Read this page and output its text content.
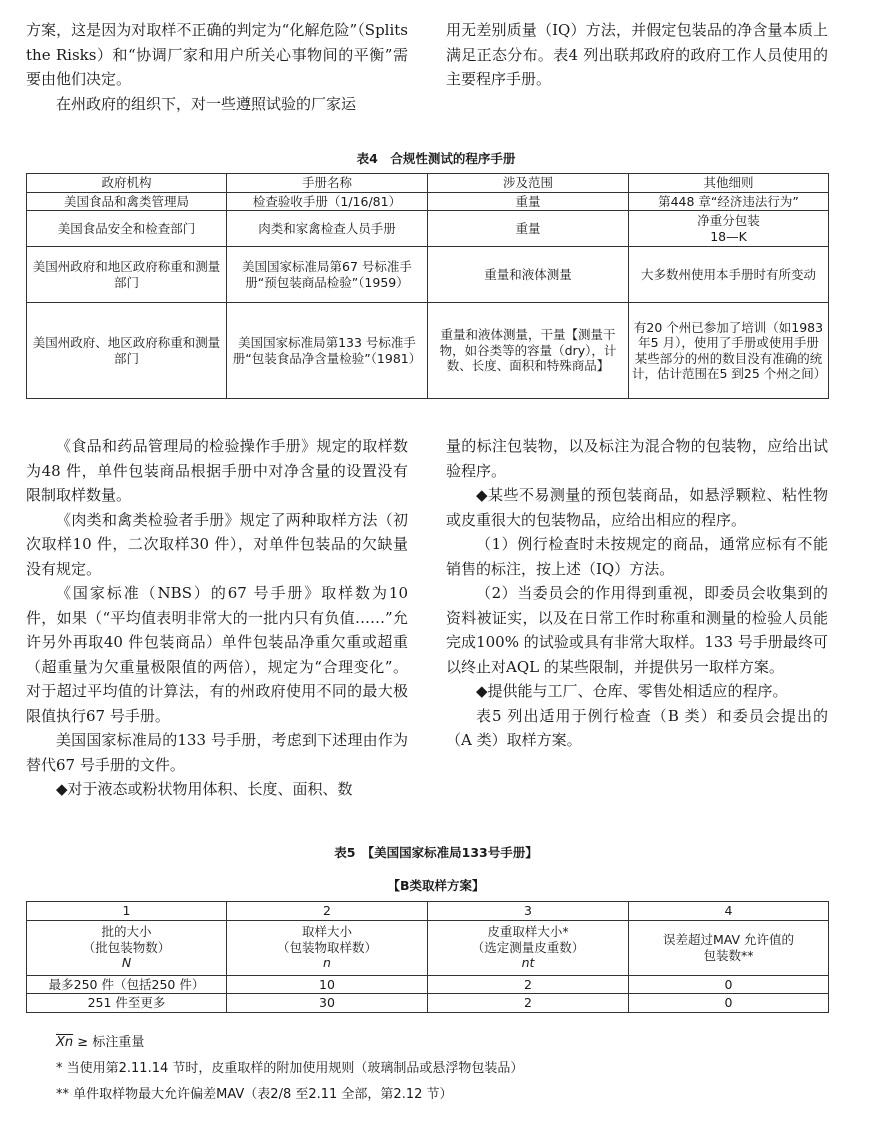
方案，这是因为对取样不正确的判定为“化解危险”（Splits the Risks）和“协调厂家和用户所关心事物间的平衡”需要由他们决定。

在州政府的组织下，对一些遵照试验的厂家运

用无差别质量（IQ）方法，并假定包装品的净含量本质上满足正态分布。表4 列出联邦政府的政府工作人员使用的主要程序手册。

表4　合规性测试的程序手册
政府机构	手册名称	涉及范围	其他细则
美国食品和禽类管理局	检查验收手册（1/16/81）	重量	第448 章“经济违法行为”
美国食品安全和检查部门	肉类和家禽检查人员手册	重量	净重分包装
18—K
美国州政府和地区政府称重和测量部门	美国国家标准局第67 号标准手册“预包装商品检验”（1959）	重量和液体测量	大多数州使用本手册时有所变动
美国州政府、地区政府称重和测量部门	美国国家标准局第133 号标准手册“包装食品净含量检验”（1981）	重量和液体测量，干量【测量干物，如谷类等的容量（dry），计数、长度、面积和特殊商品】	有20 个州已参加了培训（如1983 年5 月），使用了手册或使用手册某些部分的州的数目没有准确的统计，估计范围在5 到25 个州之间）

《食品和药品管理局的检验操作手册》规定的取样数为48 件，单件包装商品根据手册中对净含量的设置没有限制取样数量。

《肉类和禽类检验者手册》规定了两种取样方法（初次取样10 件，二次取样30 件），对单件包装品的欠缺量没有规定。

《国家标准（NBS）的67 号手册》取样数为10 件，如果（“平均值表明非常大的一批内只有负值……”允许另外再取40 件包装商品）单件包装品净重欠重或超重（超重量为欠重量极限值的两倍），规定为“合理变化”。对于超过平均值的计算法，有的州政府使用不同的最大极限值执行67 号手册。

美国国家标准局的133 号手册，考虑到下述理由作为替代67 号手册的文件。

◆对于液态或粉状物用体积、长度、面积、数

量的标注包装物，以及标注为混合物的包装物，应给出试验程序。

◆某些不易测量的预包装商品，如悬浮颗粒、粘性物或皮重很大的包装物品，应给出相应的程序。

（1）例行检查时未按规定的商品，通常应标有不能销售的标注，按上述（IQ）方法。

（2）当委员会的作用得到重视，即委员会收集到的资料被证实，以及在日常工作时称重和测量的检验人员能完成100% 的试验或具有非常大取样。133 号手册最终可以终止对AQL 的某些限制，并提供另一取样方案。

◆提供能与工厂、仓库、零售处相适应的程序。

表5 列出适用于例行检查（B 类）和委员会提出的（A 类）取样方案。

表5　【美国国家标准局133号手册】
【B类取样方案】
1	2	3	4

批的大小
（批包装物数）
N	取样大小
（包装物取样数）
n	皮重取样大小*
（选定测量皮重数）
nt	误差超过MAV 允许值的
包装数**

最多250 件（包括250 件）	10	2	0
251 件至更多	30	2	0
$\overline{Xn}$ ≥ 标注重量
* 当使用第2.11.14 节时，皮重取样的附加使用规则（玻璃制品或悬浮物包装品）
** 单件取样物最大允许偏差MAV（表2/8 至2.11 全部，第2.12 节）
